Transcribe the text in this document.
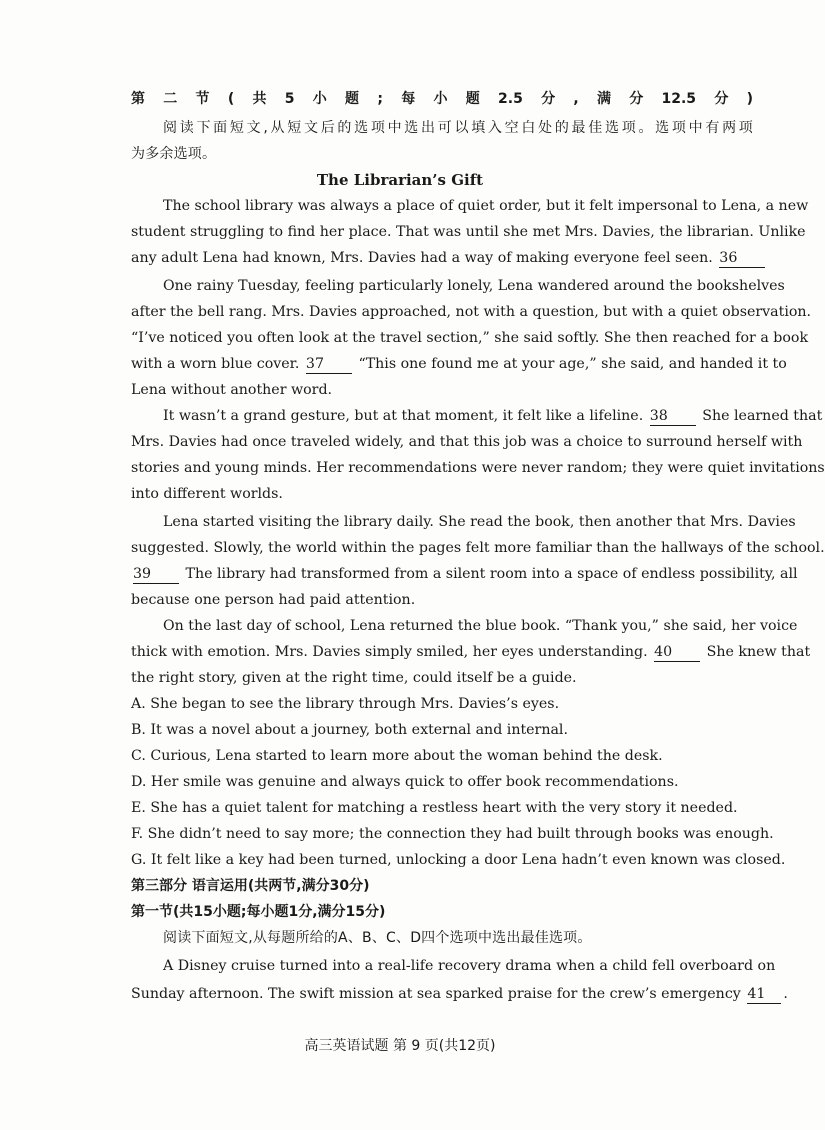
第二节(共5小题;每小题2.5分,满分12.5分)
阅读下面短文,从短文后的选项中选出可以填入空白处的最佳选项。选项中有两项
为多余选项。
The Librarian’s Gift
The school library was always a place of quiet order, but it felt impersonal to Lena, a new
student struggling to find her place. That was until she met Mrs. Davies, the librarian. Unlike
any adult Lena had known, Mrs. Davies had a way of making everyone feel seen. 36
One rainy Tuesday, feeling particularly lonely, Lena wandered around the bookshelves
after the bell rang. Mrs. Davies approached, not with a question, but with a quiet observation.
“I’ve noticed you often look at the travel section,” she said softly. She then reached for a book
with a worn blue cover. 37 “This one found me at your age,” she said, and handed it to
Lena without another word.
It wasn’t a grand gesture, but at that moment, it felt like a lifeline. 38 She learned that
Mrs. Davies had once traveled widely, and that this job was a choice to surround herself with
stories and young minds. Her recommendations were never random; they were quiet invitations
into different worlds.
Lena started visiting the library daily. She read the book, then another that Mrs. Davies
suggested. Slowly, the world within the pages felt more familiar than the hallways of the school.
39 The library had transformed from a silent room into a space of endless possibility, all
because one person had paid attention.
On the last day of school, Lena returned the blue book. “Thank you,” she said, her voice
thick with emotion. Mrs. Davies simply smiled, her eyes understanding. 40 She knew that
the right story, given at the right time, could itself be a guide.
A. She began to see the library through Mrs. Davies’s eyes.
B. It was a novel about a journey, both external and internal.
C. Curious, Lena started to learn more about the woman behind the desk.
D. Her smile was genuine and always quick to offer book recommendations.
E. She has a quiet talent for matching a restless heart with the very story it needed.
F. She didn’t need to say more; the connection they had built through books was enough.
G. It felt like a key had been turned, unlocking a door Lena hadn’t even known was closed.
第三部分 语言运用(共两节,满分30分)
第一节(共15小题;每小题1分,满分15分)
阅读下面短文,从每题所给的A、B、C、D四个选项中选出最佳选项。
A Disney cruise turned into a real-life recovery drama when a child fell overboard on
Sunday afternoon. The swift mission at sea sparked praise for the crew’s emergency 41 .
高三英语试题 第 9 页(共12页)
